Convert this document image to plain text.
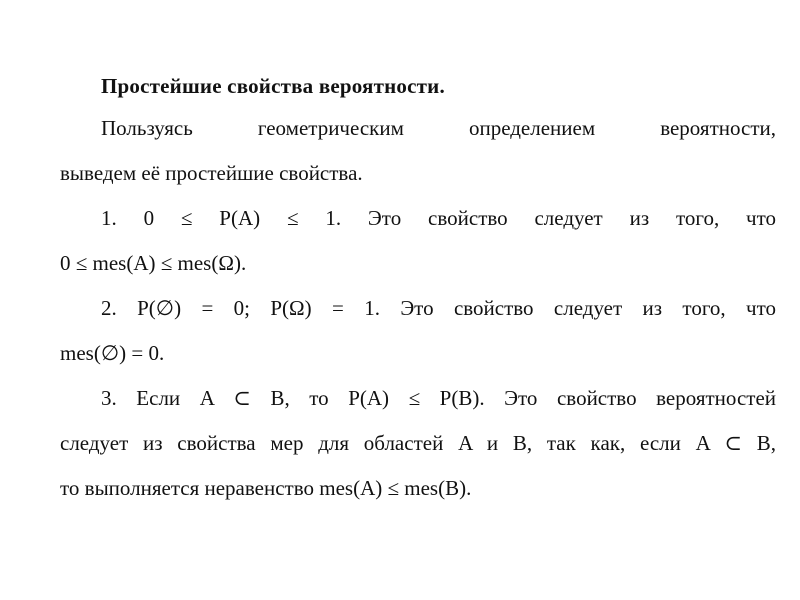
Простейшие свойства вероятности.
Пользуясь геометрическим определением вероятности,
выведем её простейшие свойства.
1. 0 ≤ P(A) ≤ 1. Это свойство следует из того, что
0 ≤ mes(A) ≤ mes(Ω).
2. P(∅) = 0; P(Ω) = 1. Это свойство следует из того, что
mes(∅) = 0.
3. Если A ⊂ B, то P(A) ≤ P(B). Это свойство вероятностей
следует из свойства мер для областей A и B, так как, если A ⊂ B,
то выполняется неравенство mes(A) ≤ mes(B).
